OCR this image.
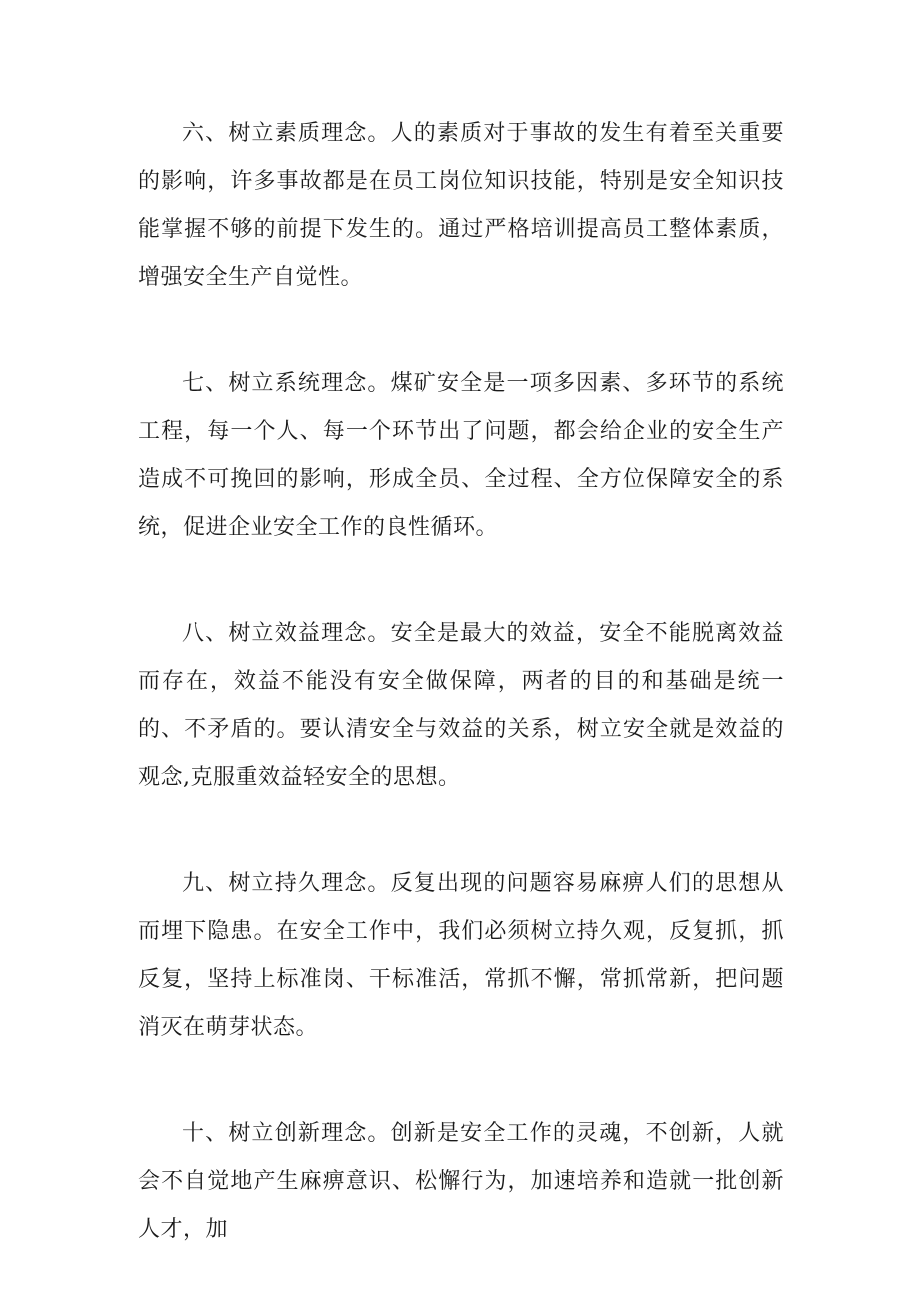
六、树立素质理念。人的素质对于事故的发生有着至关重要的影响，许多事故都是在员工岗位知识技能，特别是安全知识技能掌握不够的前提下发生的。通过严格培训提高员工整体素质，增强安全生产自觉性。

七、树立系统理念。煤矿安全是一项多因素、多环节的系统工程，每一个人、每一个环节出了问题，都会给企业的安全生产造成不可挽回的影响，形成全员、全过程、全方位保障安全的系统，促进企业安全工作的良性循环。

八、树立效益理念。安全是最大的效益，安全不能脱离效益而存在，效益不能没有安全做保障，两者的目的和基础是统一的、不矛盾的。要认清安全与效益的关系，树立安全就是效益的观念,克服重效益轻安全的思想。

九、树立持久理念。反复出现的问题容易麻痹人们的思想从而埋下隐患。在安全工作中，我们必须树立持久观，反复抓，抓反复，坚持上标准岗、干标准活，常抓不懈，常抓常新，把问题消灭在萌芽状态。

十、树立创新理念。创新是安全工作的灵魂，不创新，人就会不自觉地产生麻痹意识、松懈行为，加速培养和造就一批创新人才，加
